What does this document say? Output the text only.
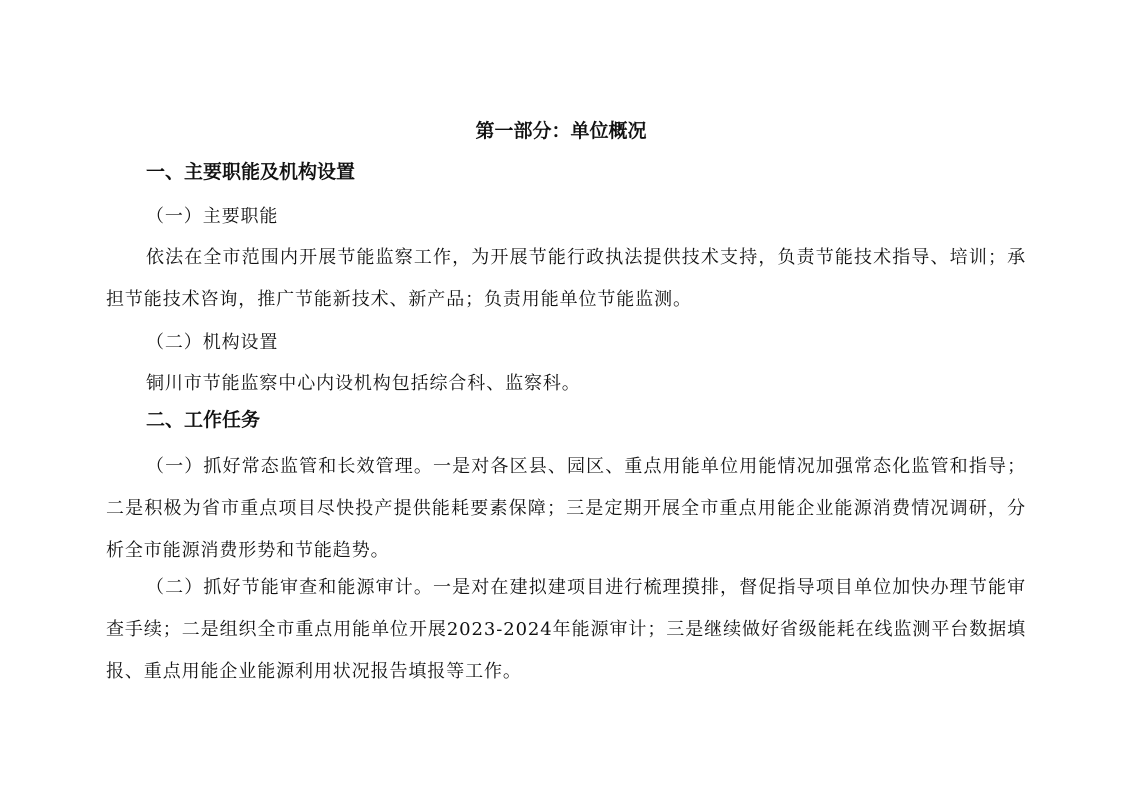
第一部分：单位概况
一、主要职能及机构设置
（一）主要职能
依法在全市范围内开展节能监察工作，为开展节能行政执法提供技术支持，负责节能技术指导、培训；承担节能技术咨询，推广节能新技术、新产品；负责用能单位节能监测。
（二）机构设置
铜川市节能监察中心内设机构包括综合科、监察科。
二、工作任务
（一）抓好常态监管和长效管理。一是对各区县、园区、重点用能单位用能情况加强常态化监管和指导；二是积极为省市重点项目尽快投产提供能耗要素保障；三是定期开展全市重点用能企业能源消费情况调研，分析全市能源消费形势和节能趋势。
（二）抓好节能审查和能源审计。一是对在建拟建项目进行梳理摸排，督促指导项目单位加快办理节能审查手续；二是组织全市重点用能单位开展2023-2024年能源审计；三是继续做好省级能耗在线监测平台数据填报、重点用能企业能源利用状况报告填报等工作。
